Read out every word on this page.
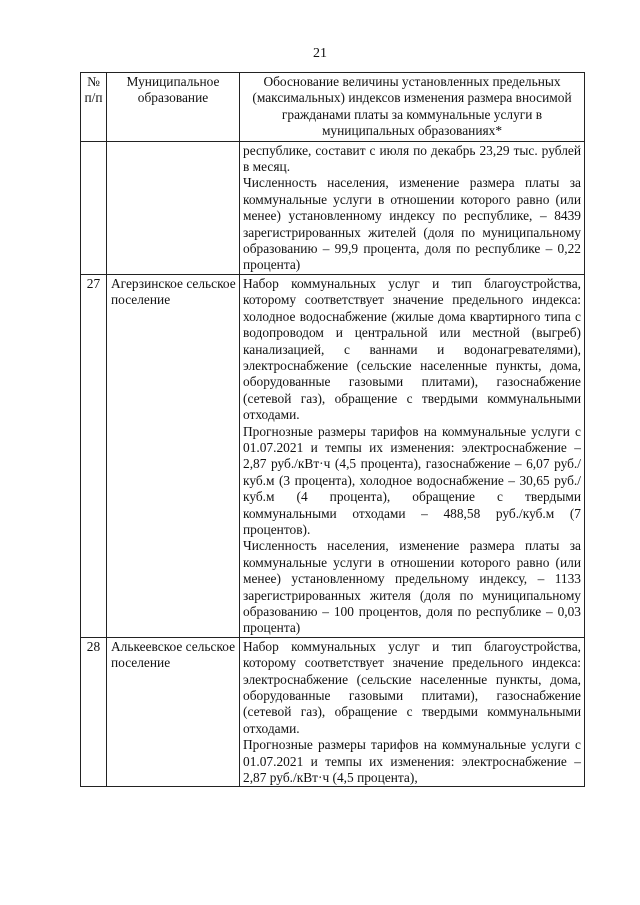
21
№ п/п	Муниципальное образование	Обоснование величины установленных предельных (максимальных) индексов изменения размера вносимой гражданами платы за коммунальные услуги в муниципальных образованиях*

		республике, составит с июля по декабрь 23,29 тыс. рублей в месяц.

Численность населения, изменение размера платы за коммунальные услуги в отношении которого равно (или менее) установленному индексу по республике, – 8439 зарегистрированных жителей (доля по муниципальному образованию – 99,9 процента, доля по республике – 0,22 процента)

27	Агерзинское сельское поселение	Набор коммунальных услуг и тип благоустройства, которому соответствует значение предельного индекса: холодное водоснабжение (жилые дома квартирного типа с водопроводом и центральной или местной (выгреб) канализацией, с ваннами и водонагревателями), электроснабжение (сельские населенные пункты, дома, оборудованные газовыми плитами), газоснабжение (сетевой газ), обращение с твердыми коммунальными отходами.

Прогнозные размеры тарифов на коммунальные услуги с 01.07.2021 и темпы их изменения: электроснабжение – 2,87 руб./кВт·ч (4,5 процента), газоснабжение – 6,07 руб./куб.м (3 процента), холодное водоснабжение – 30,65 руб./куб.м (4 процента), обращение с твердыми коммунальными отходами – 488,58 руб./куб.м (7 процентов).

Численность населения, изменение размера платы за коммунальные услуги в отношении которого равно (или менее) установленному предельному индексу, – 1133 зарегистрированных жителя (доля по муниципальному образованию – 100 процентов, доля по республике – 0,03 процента)

28	Алькеевское сельское поселение	Набор коммунальных услуг и тип благоустройства, которому соответствует значение предельного индекса: электроснабжение (сельские населенные пункты, дома, оборудованные газовыми плитами), газоснабжение (сетевой газ), обращение с твердыми коммунальными отходами.

Прогнозные размеры тарифов на коммунальные услуги с 01.07.2021 и темпы их изменения: электроснабжение – 2,87 руб./кВт·ч (4,5 процента),
